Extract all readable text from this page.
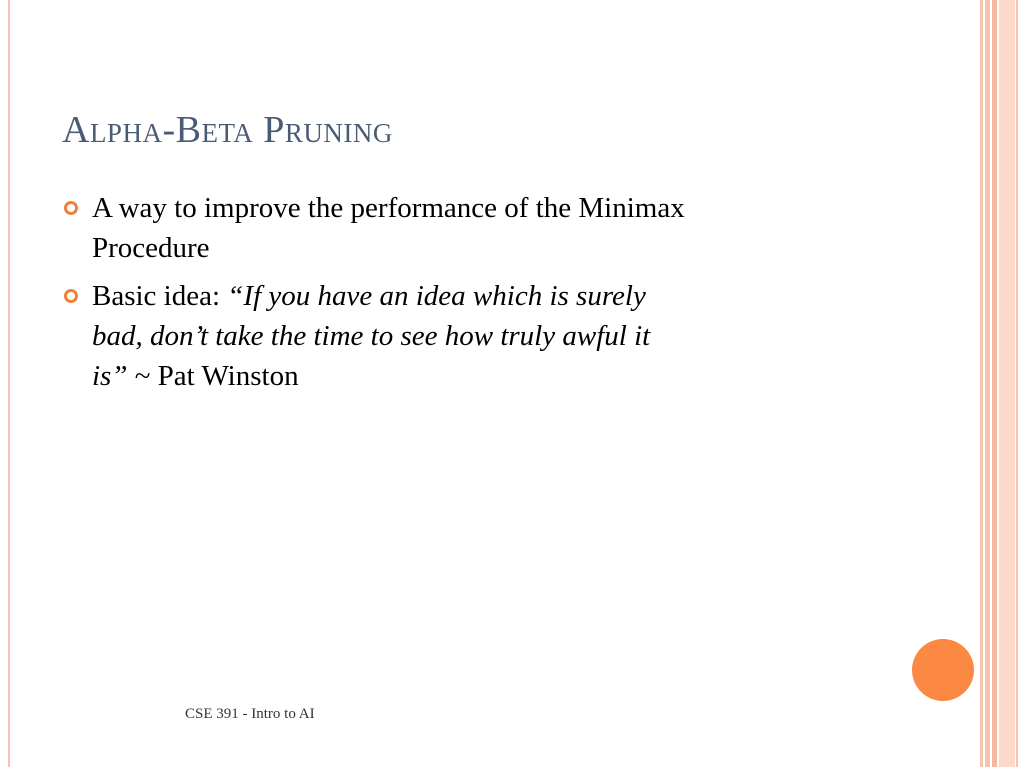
Alpha-Beta Pruning
A way to improve the performance of the Minimax
Procedure
Basic idea: “If you have an idea which is surely
bad, don’t take the time to see how truly awful it
is” ~ Pat Winston
CSE 391 - Intro to AI
